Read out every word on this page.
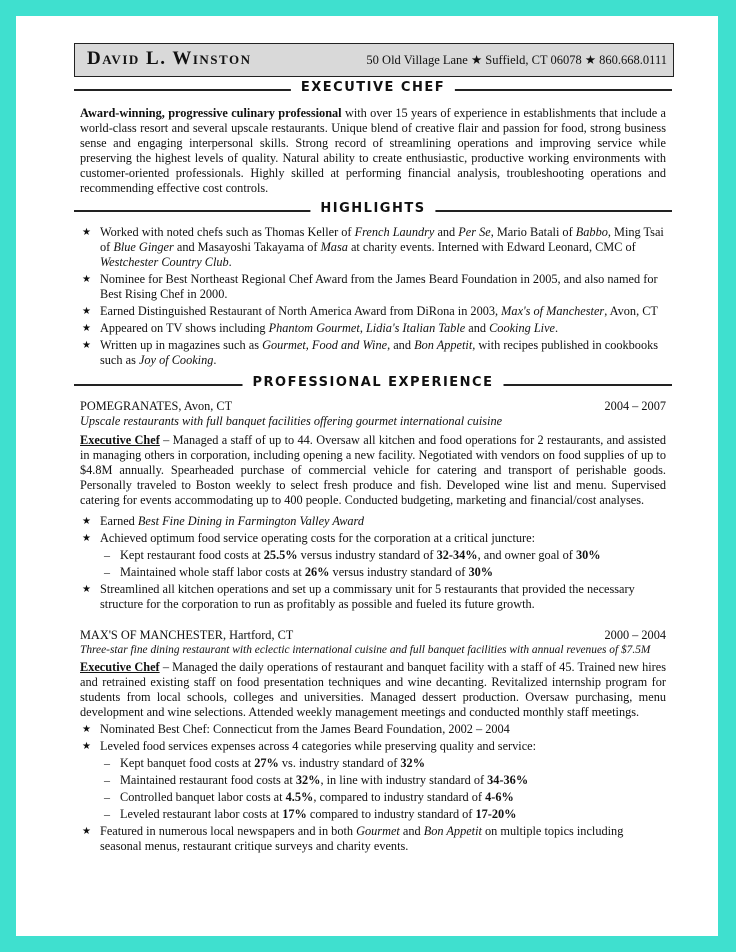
David L. Winston	50 Old Village Lane ★ Suffield, CT 06078 ★ 860.668.0111
EXECUTIVE CHEF
Award-winning, progressive culinary professional with over 15 years of experience in establishments that include a world-class resort and several upscale restaurants. Unique blend of creative flair and passion for food, strong business sense and engaging interpersonal skills. Strong record of streamlining operations and improving service while preserving the highest levels of quality. Natural ability to create enthusiastic, productive working environments with customer-oriented professionals. Highly skilled at performing financial analysis, troubleshooting operations and recommending effective cost controls.
HIGHLIGHTS
★ Worked with noted chefs such as Thomas Keller of French Laundry and Per Se, Mario Batali of Babbo, Ming Tsai of Blue Ginger and Masayoshi Takayama of Masa at charity events. Interned with Edward Leonard, CMC of Westchester Country Club.
★ Nominee for Best Northeast Regional Chef Award from the James Beard Foundation in 2005, and also named for Best Rising Chef in 2000.
★ Earned Distinguished Restaurant of North America Award from DiRona in 2003, Max's of Manchester, Avon, CT
★ Appeared on TV shows including Phantom Gourmet, Lidia's Italian Table and Cooking Live.
★ Written up in magazines such as Gourmet, Food and Wine, and Bon Appetit, with recipes published in cookbooks such as Joy of Cooking.
PROFESSIONAL EXPERIENCE
POMEGRANATES, Avon, CT	2004 – 2007
Upscale restaurants with full banquet facilities offering gourmet international cuisine
Executive Chef – Managed a staff of up to 44. Oversaw all kitchen and food operations for 2 restaurants, and assisted in managing others in corporation, including opening a new facility. Negotiated with vendors on food supplies of up to $4.8M annually. Spearheaded purchase of commercial vehicle for catering and transport of perishable goods. Personally traveled to Boston weekly to select fresh produce and fish. Developed wine list and menu. Supervised catering for events accommodating up to 400 people. Conducted budgeting, marketing and financial/cost analyses.
★ Earned Best Fine Dining in Farmington Valley Award
★ Achieved optimum food service operating costs for the corporation at a critical juncture:
– Kept restaurant food costs at 25.5% versus industry standard of 32-34%, and owner goal of 30%
– Maintained whole staff labor costs at 26% versus industry standard of 30%
★ Streamlined all kitchen operations and set up a commissary unit for 5 restaurants that provided the necessary structure for the corporation to run as profitably as possible and fueled its future growth.
MAX'S OF MANCHESTER, Hartford, CT	2000 – 2004
Three-star fine dining restaurant with eclectic international cuisine and full banquet facilities with annual revenues of $7.5M
Executive Chef – Managed the daily operations of restaurant and banquet facility with a staff of 45. Trained new hires and retrained existing staff on food presentation techniques and wine decanting. Revitalized internship program for students from local schools, colleges and universities. Managed dessert production. Oversaw purchasing, menu development and wine selections. Attended weekly management meetings and conducted monthly staff meetings.
★ Nominated Best Chef: Connecticut from the James Beard Foundation, 2002 – 2004
★ Leveled food services expenses across 4 categories while preserving quality and service:
– Kept banquet food costs at 27% vs. industry standard of 32%
– Maintained restaurant food costs at 32%, in line with industry standard of 34-36%
– Controlled banquet labor costs at 4.5%, compared to industry standard of 4-6%
– Leveled restaurant labor costs at 17% compared to industry standard of 17-20%
★ Featured in numerous local newspapers and in both Gourmet and Bon Appetit on multiple topics including seasonal menus, restaurant critique surveys and charity events.
